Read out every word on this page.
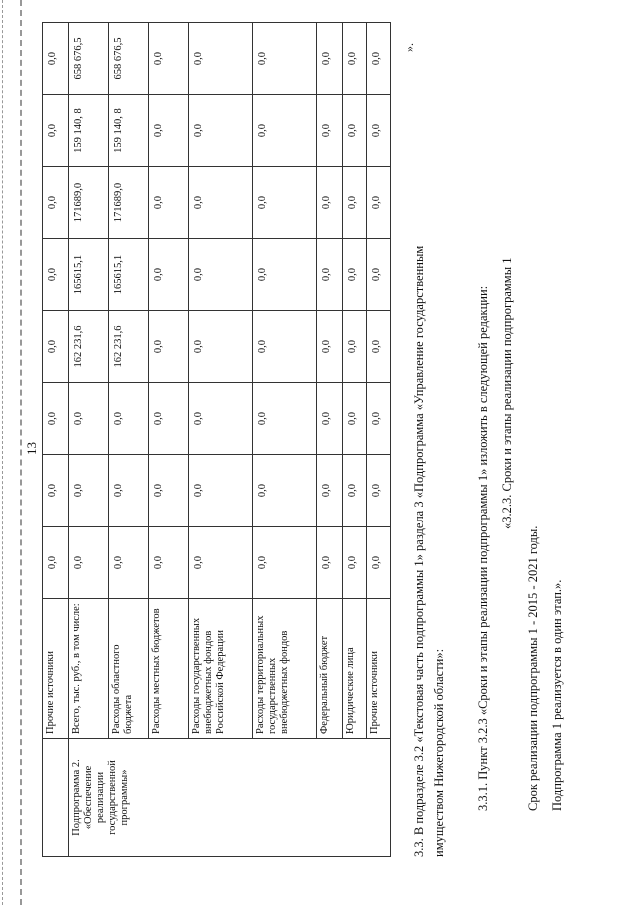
13
	Прочие источники	0,0	0,0	0,0	0,0	0,0	0,0	0,0	0,0
Подпрограмма 2. «Обеспечение реализации государственной программы»	Всего, тыс. руб., в том числе:	0,0	0,0	0,0	162 231,6	165615,1	171689,0	159 140, 8	658 676,5
	Расходы областного бюджета	0,0	0,0	0,0	162 231,6	165615,1	171689,0	159 140, 8	658 676,5
	Расходы местных бюджетов	0,0	0,0	0,0	0,0	0,0	0,0	0,0	0,0
	Расходы государственных внебюджетных фондов Российской Федерации	0,0	0,0	0,0	0,0	0,0	0,0	0,0	0,0
	Расходы территориальных государственных внебюджетных фондов	0,0	0,0	0,0	0,0	0,0	0,0	0,0	0,0
	Федеральный бюджет	0,0	0,0	0,0	0,0	0,0	0,0	0,0	0,0
	Юридические лица	0,0	0,0	0,0	0,0	0,0	0,0	0,0	0,0
	Прочие источники	0,0	0,0	0,0	0,0	0,0	0,0	0,0	0,0
».
3.3. В подразделе 3.2 «Текстовая часть подпрограммы 1» раздела 3 «Подпрограмма «Управление государственным имуществом Нижегородской области»: 3.3.1. Пункт 3.2.3 «Сроки и этапы реализации подпрограммы 1» изложить в следующей редакции: «3.2.3. Сроки и этапы реализации подпрограммы 1
Срок реализации подпрограммы 1 - 2015 - 2021 годы. Подпрограмма 1 реализуется в один этап.».
